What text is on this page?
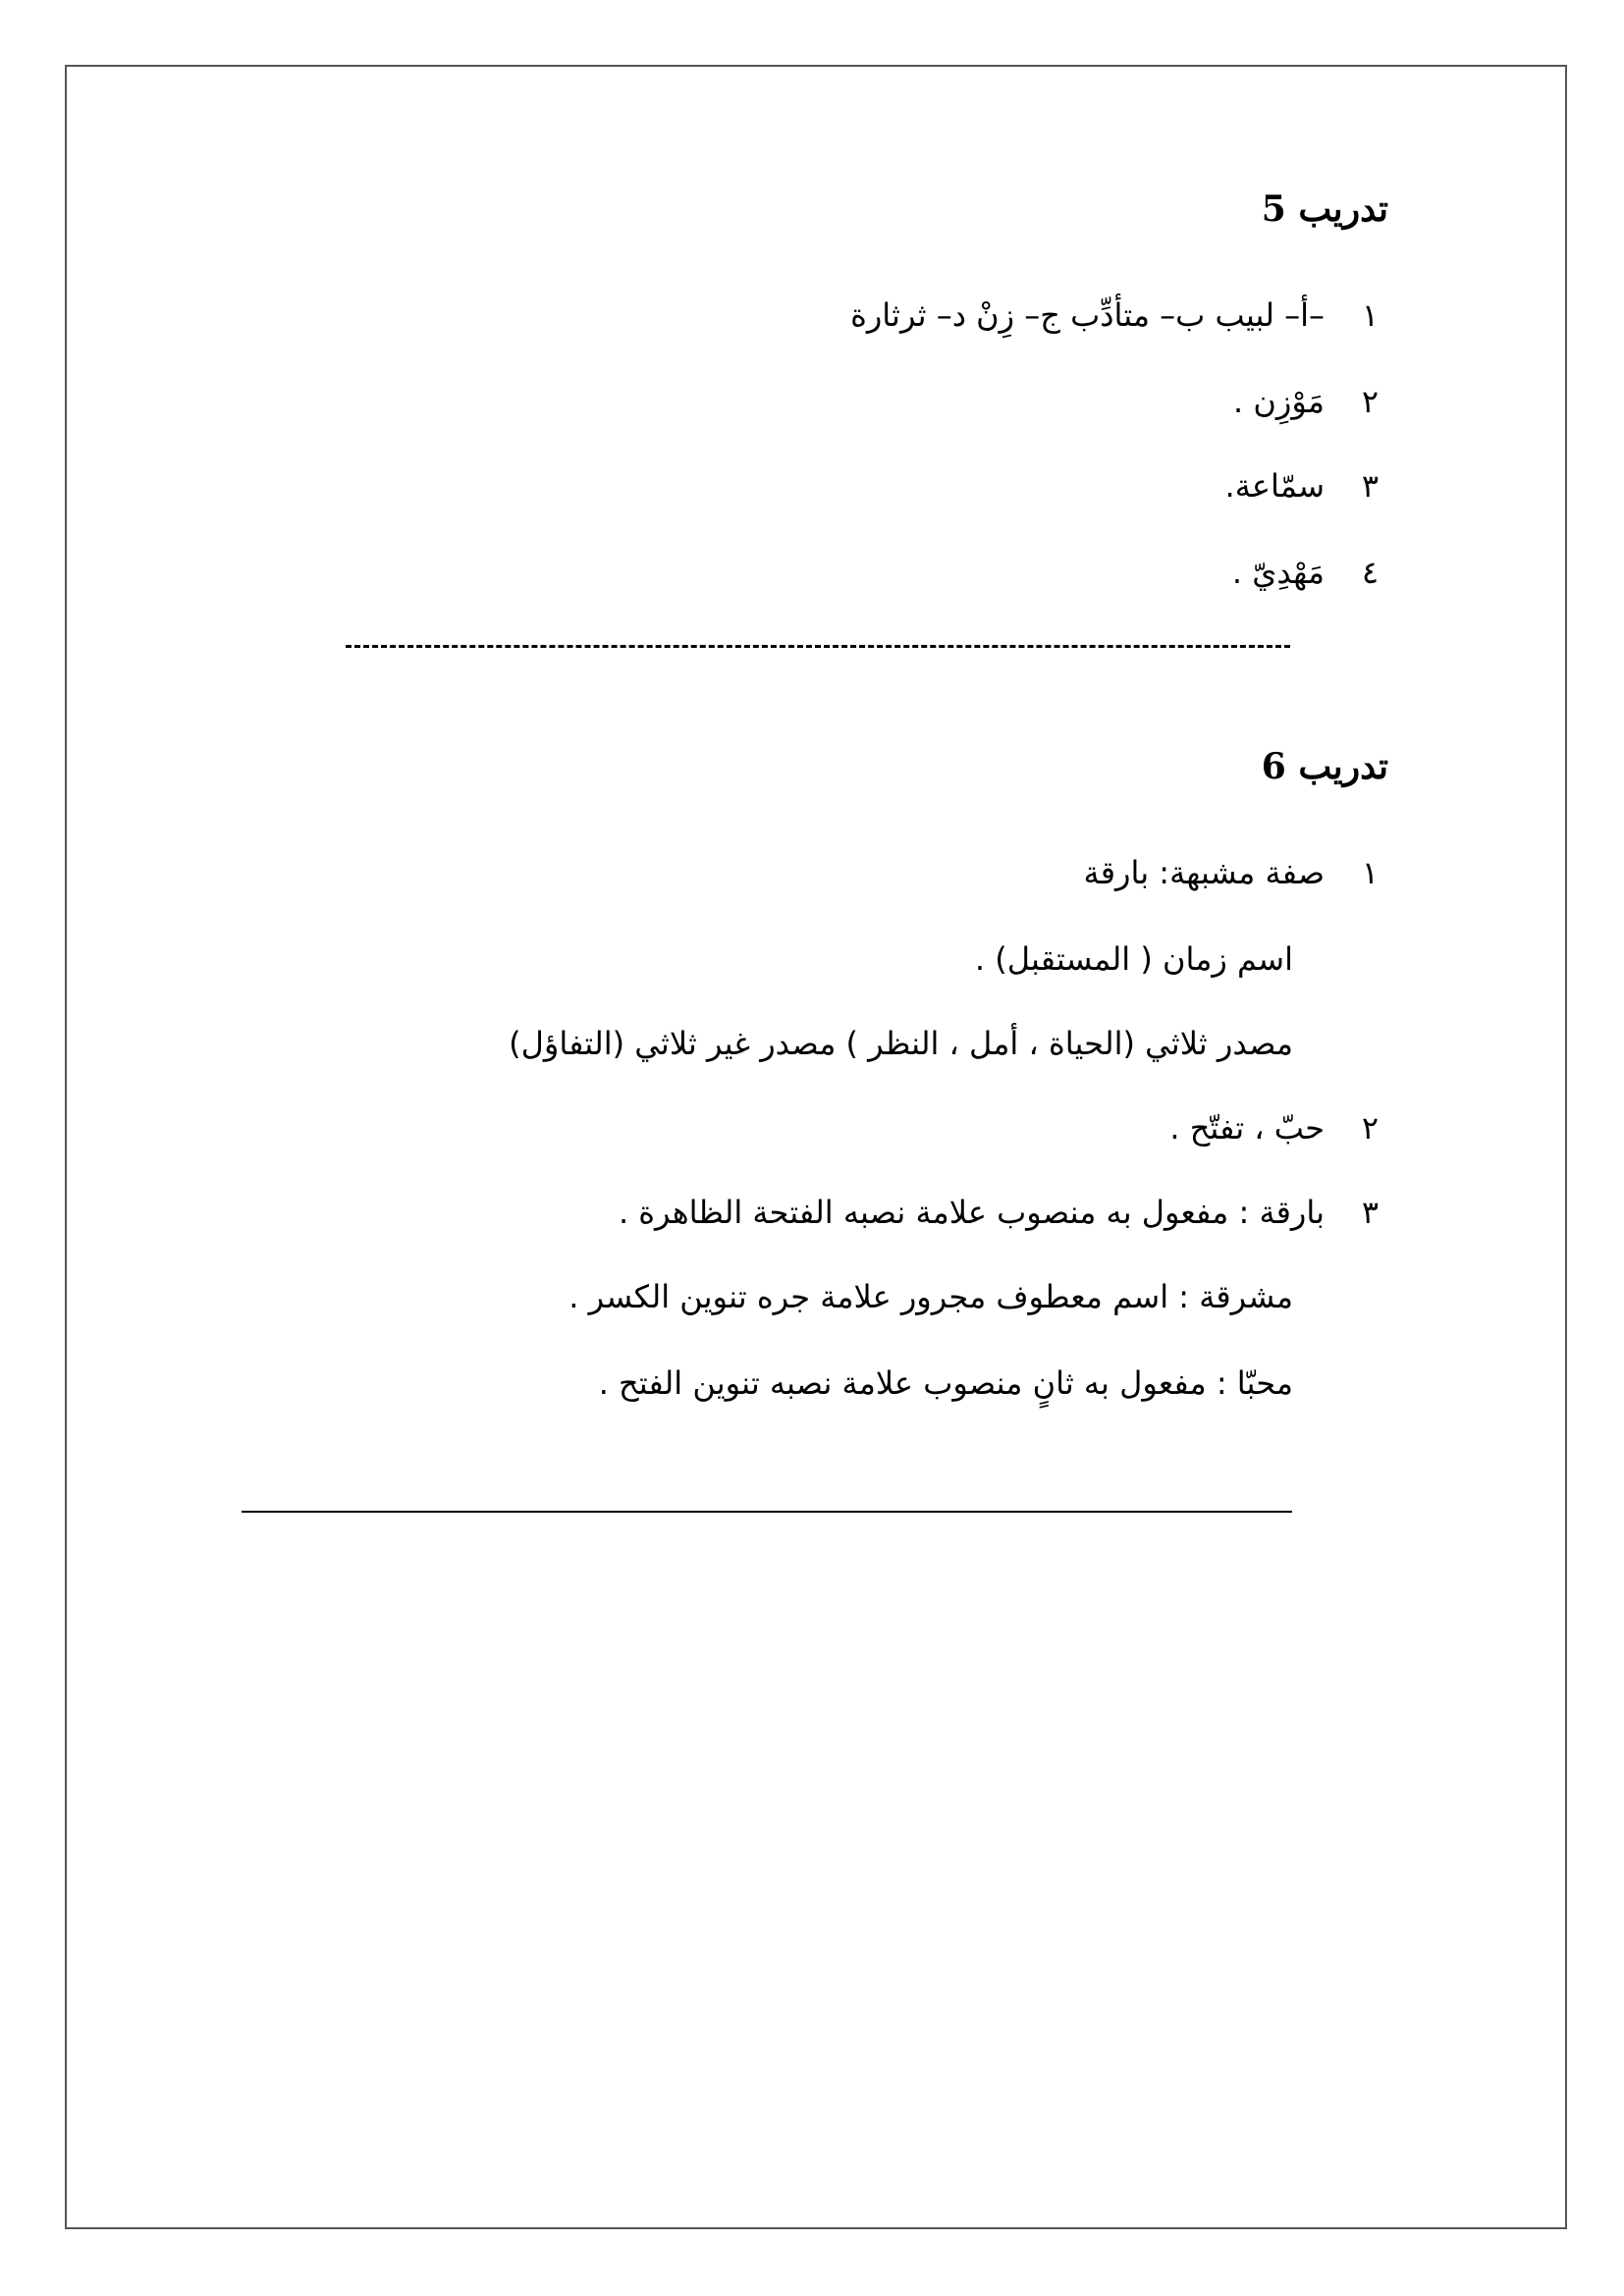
تدريب 5
١
–أ– لبيب ب– متأدِّب ج– زِنْ د– ثرثارة
٢
مَوْزِن .
٣
سمّاعة.
٤
مَهْدِيّ .
تدريب 6
١
صفة مشبهة: بارقة
اسم زمان ( المستقبل) .
مصدر ثلاثي (الحياة ، أمل ، النظر ) مصدر غير ثلاثي (التفاؤل)
٢
حبّ ، تفتّح .
٣
بارقة : مفعول به منصوب علامة نصبه الفتحة الظاهرة .
مشرقة : اسم معطوف مجرور علامة جره تنوين الكسر .
محبّا : مفعول به ثانٍ منصوب علامة نصبه تنوين الفتح .
